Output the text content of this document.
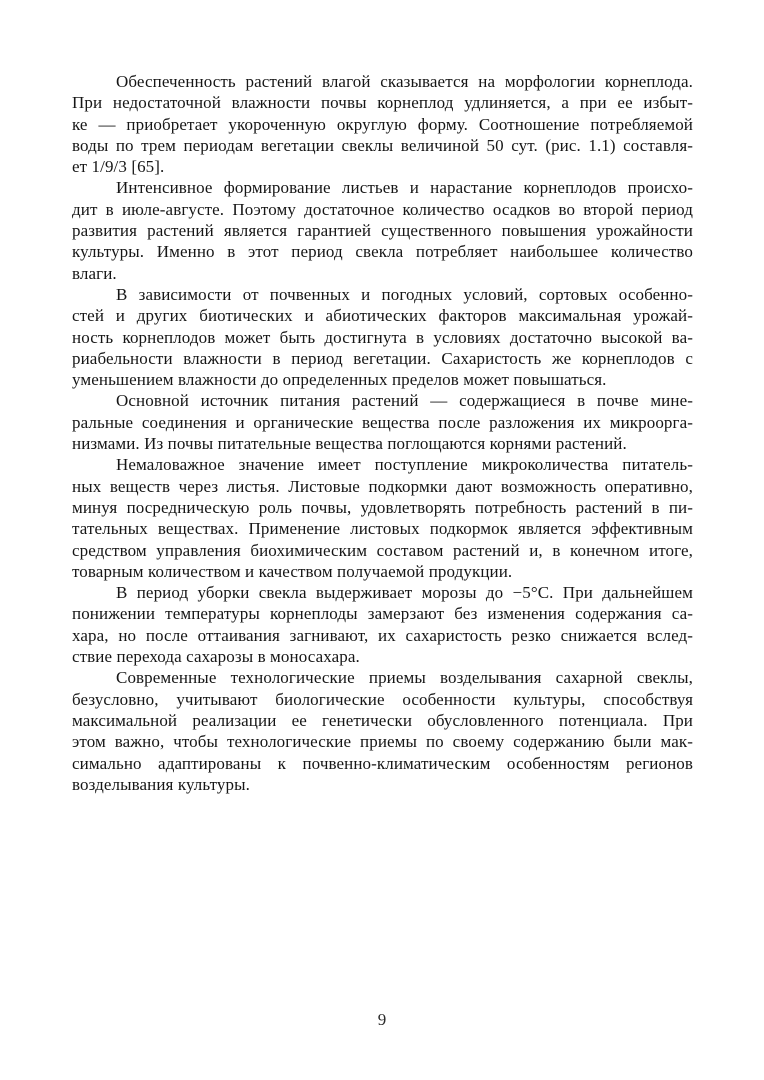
Обеспеченность растений влагой сказывается на морфологии корнеплода.
При недостаточной влажности почвы корнеплод удлиняется, а при ее избыт-
ке — приобретает укороченную округлую форму. Соотношение потребляемой
воды по трем периодам вегетации свеклы величиной 50 сут. (рис. 1.1) составля-
ет 1/9/3 [65].
Интенсивное формирование листьев и нарастание корнеплодов происхо-
дит в июле-августе. Поэтому достаточное количество осадков во второй период
развития растений является гарантией существенного повышения урожайности
культуры. Именно в этот период свекла потребляет наибольшее количество
влаги.
В зависимости от почвенных и погодных условий, сортовых особенно-
стей и других биотических и абиотических факторов максимальная урожай-
ность корнеплодов может быть достигнута в условиях достаточно высокой ва-
риабельности влажности в период вегетации. Сахаристость же корнеплодов с
уменьшением влажности до определенных пределов может повышаться.
Основной источник питания растений — содержащиеся в почве мине-
ральные соединения и органические вещества после разложения их микроорга-
низмами. Из почвы питательные вещества поглощаются корнями растений.
Немаловажное значение имеет поступление микроколичества питатель-
ных веществ через листья. Листовые подкормки дают возможность оперативно,
минуя посредническую роль почвы, удовлетворять потребность растений в пи-
тательных веществах. Применение листовых подкормок является эффективным
средством управления биохимическим составом растений и, в конечном итоге,
товарным количеством и качеством получаемой продукции.
В период уборки свекла выдерживает морозы до −5°С. При дальнейшем
понижении температуры корнеплоды замерзают без изменения содержания са-
хара, но после оттаивания загнивают, их сахаристость резко снижается вслед-
ствие перехода сахарозы в моносахара.
Современные технологические приемы возделывания сахарной свеклы,
безусловно, учитывают биологические особенности культуры, способствуя
максимальной реализации ее генетически обусловленного потенциала. При
этом важно, чтобы технологические приемы по своему содержанию были мак-
симально адаптированы к почвенно-климатическим особенностям регионов
возделывания культуры.
9
